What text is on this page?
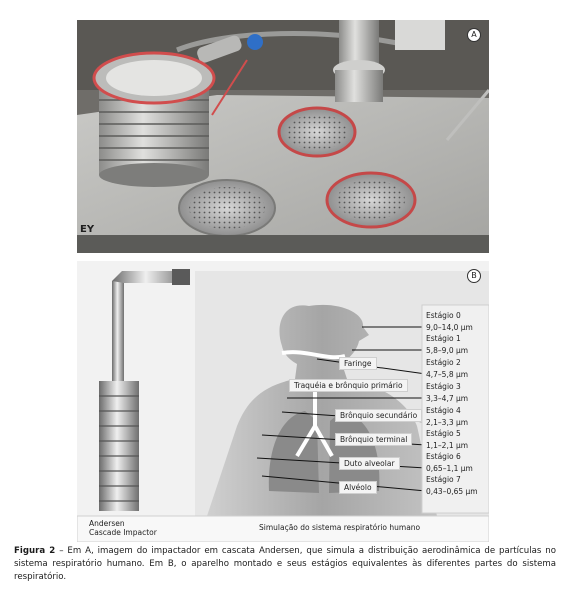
EY
A
B
Estágio 0
9,0–14,0 µm
Estágio 1
5,8–9,0 µm
Estágio 2
4,7–5,8 µm
Estágio 3
3,3–4,7 µm
Estágio 4
2,1–3,3 µm
Estágio 5
1,1–2,1 µm
Estágio 6
0,65–1,1 µm
Estágio 7
0,43–0,65 µm
Faringe
Traquéia e brônquio primário
Brônquio secundário
Brônquio terminal
Duto alveolar
Alvéolo
Andersen
Cascade Impactor
Simulação do sistema respiratório humano
Figura 2 – Em A, imagem do impactador em cascata Andersen, que simula a distribuição aerodinâmica de partículas no sistema respiratório humano. Em B, o aparelho montado e seus estágios equivalentes às diferentes partes do sistema respiratório.
